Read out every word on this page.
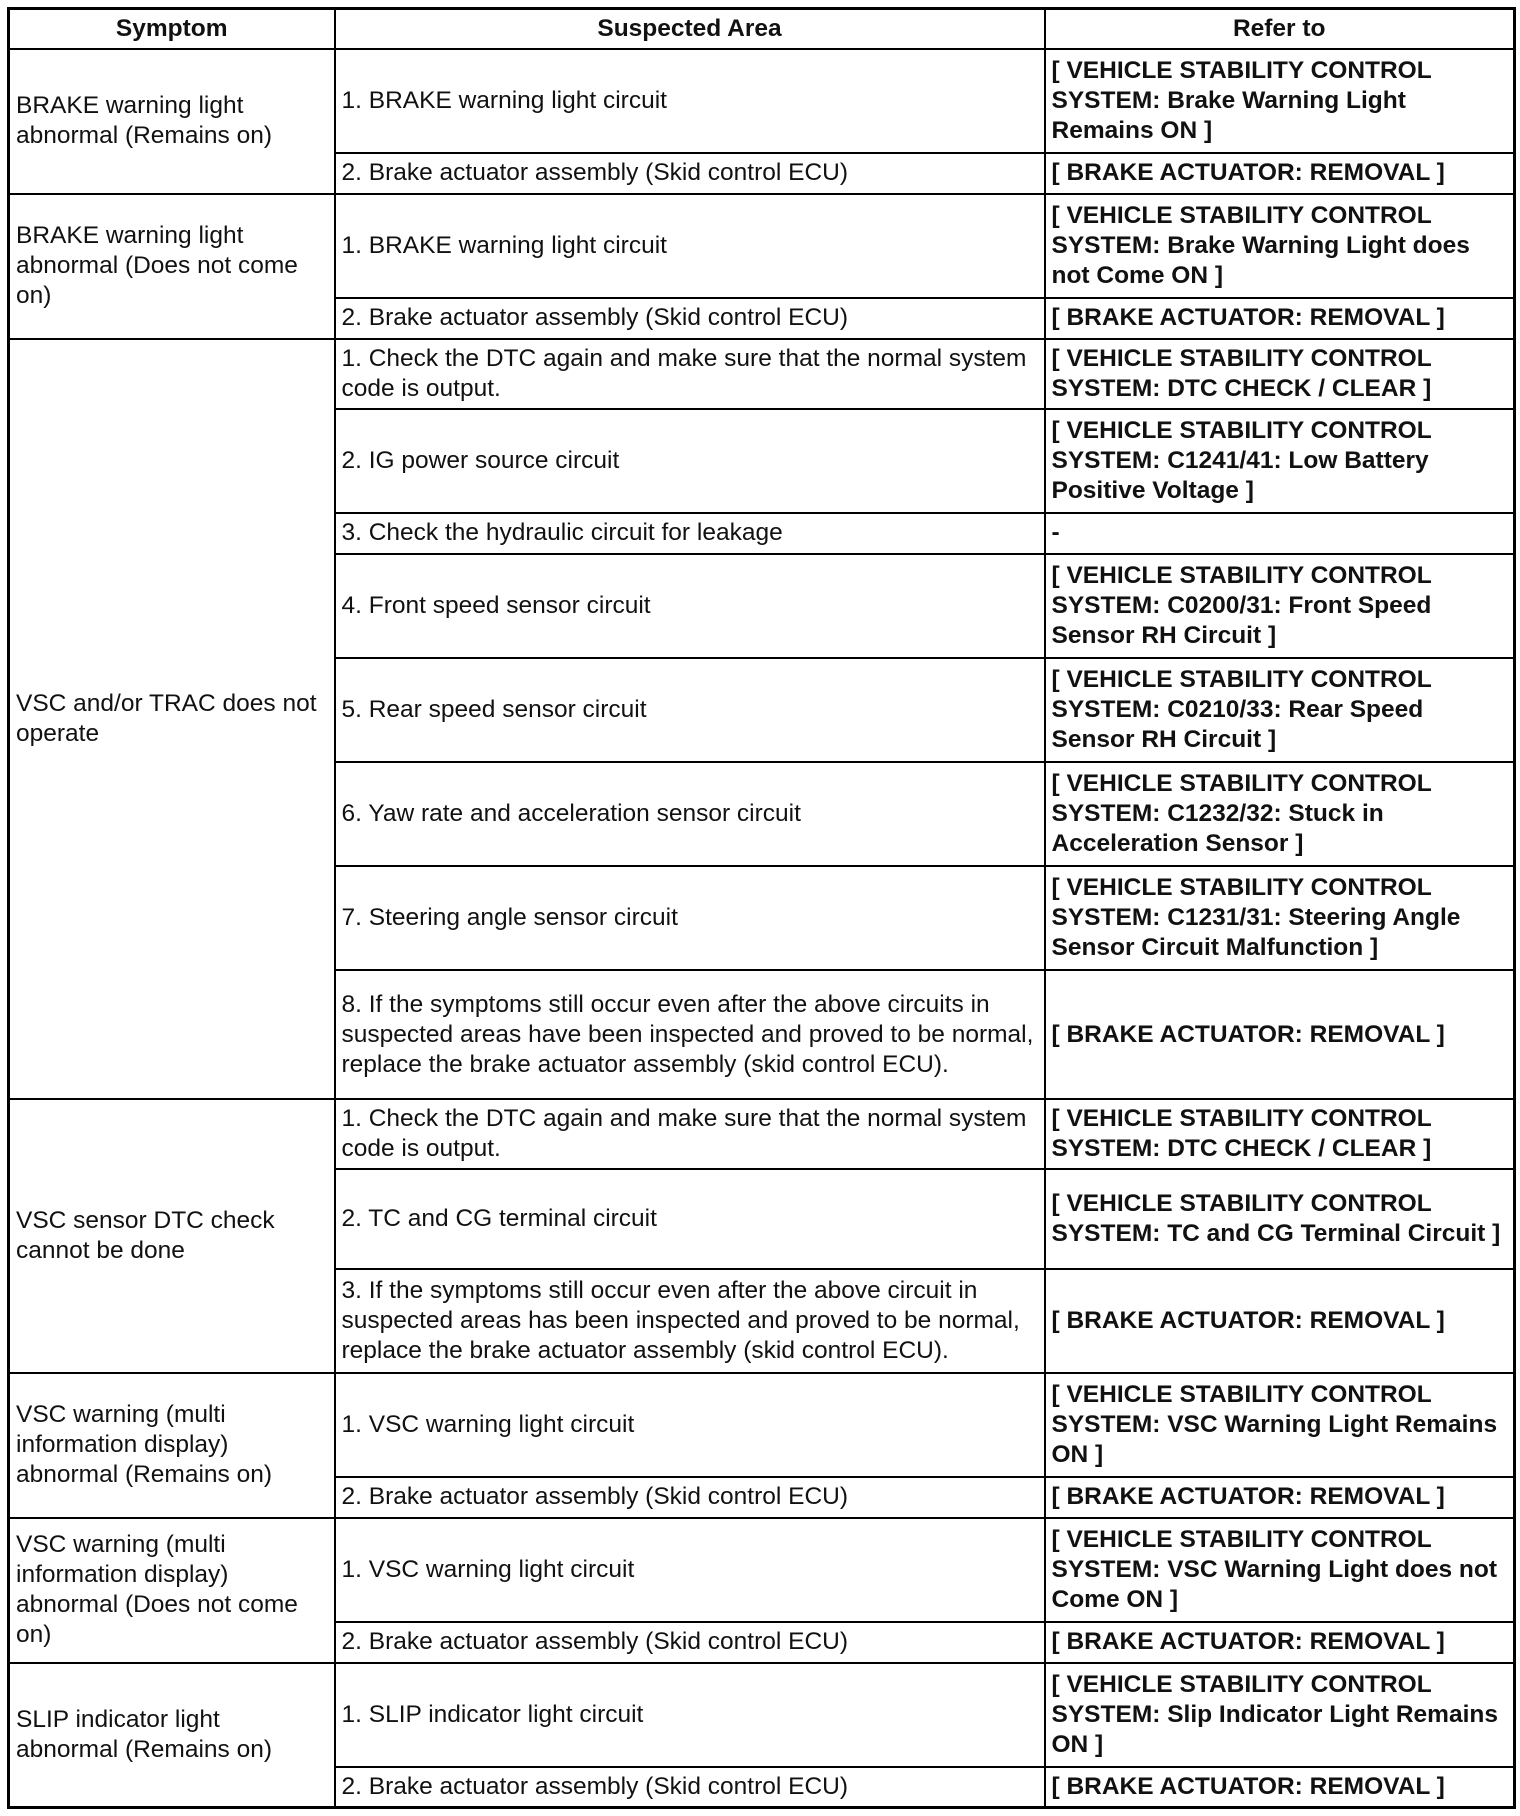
Symptom	Suspected Area	Refer to
BRAKE warning light abnormal (Remains on)	1. BRAKE warning light circuit	[ VEHICLE STABILITY CONTROL SYSTEM: Brake Warning Light Remains ON ]
	2. Brake actuator assembly (Skid control ECU)	[ BRAKE ACTUATOR: REMOVAL ]
BRAKE warning light abnormal (Does not come on)	1. BRAKE warning light circuit	[ VEHICLE STABILITY CONTROL SYSTEM: Brake Warning Light does not Come ON ]
	2. Brake actuator assembly (Skid control ECU)	[ BRAKE ACTUATOR: REMOVAL ]
VSC and/or TRAC does not operate	1. Check the DTC again and make sure that the normal system code is output.	[ VEHICLE STABILITY CONTROL SYSTEM: DTC CHECK / CLEAR ]
	2. IG power source circuit	[ VEHICLE STABILITY CONTROL SYSTEM: C1241/41: Low Battery Positive Voltage ]
	3. Check the hydraulic circuit for leakage	-
	4. Front speed sensor circuit	[ VEHICLE STABILITY CONTROL SYSTEM: C0200/31: Front Speed Sensor RH Circuit ]
	5. Rear speed sensor circuit	[ VEHICLE STABILITY CONTROL SYSTEM: C0210/33: Rear Speed Sensor RH Circuit ]
	6. Yaw rate and acceleration sensor circuit	[ VEHICLE STABILITY CONTROL SYSTEM: C1232/32: Stuck in Acceleration Sensor ]
	7. Steering angle sensor circuit	[ VEHICLE STABILITY CONTROL SYSTEM: C1231/31: Steering Angle Sensor Circuit Malfunction ]
	8. If the symptoms still occur even after the above circuits in suspected areas have been inspected and proved to be normal, replace the brake actuator assembly (skid control ECU).	[ BRAKE ACTUATOR: REMOVAL ]
VSC sensor DTC check cannot be done	1. Check the DTC again and make sure that the normal system code is output.	[ VEHICLE STABILITY CONTROL SYSTEM: DTC CHECK / CLEAR ]
	2. TC and CG terminal circuit	[ VEHICLE STABILITY CONTROL SYSTEM: TC and CG Terminal Circuit ]
	3. If the symptoms still occur even after the above circuit in suspected areas has been inspected and proved to be normal, replace the brake actuator assembly (skid control ECU).	[ BRAKE ACTUATOR: REMOVAL ]
VSC warning (multi information display) abnormal (Remains on)	1. VSC warning light circuit	[ VEHICLE STABILITY CONTROL SYSTEM: VSC Warning Light Remains ON ]
	2. Brake actuator assembly (Skid control ECU)	[ BRAKE ACTUATOR: REMOVAL ]
VSC warning (multi information display) abnormal (Does not come on)	1. VSC warning light circuit	[ VEHICLE STABILITY CONTROL SYSTEM: VSC Warning Light does not Come ON ]
	2. Brake actuator assembly (Skid control ECU)	[ BRAKE ACTUATOR: REMOVAL ]
SLIP indicator light abnormal (Remains on)	1. SLIP indicator light circuit	[ VEHICLE STABILITY CONTROL SYSTEM: Slip Indicator Light Remains ON ]
	2. Brake actuator assembly (Skid control ECU)	[ BRAKE ACTUATOR: REMOVAL ]
